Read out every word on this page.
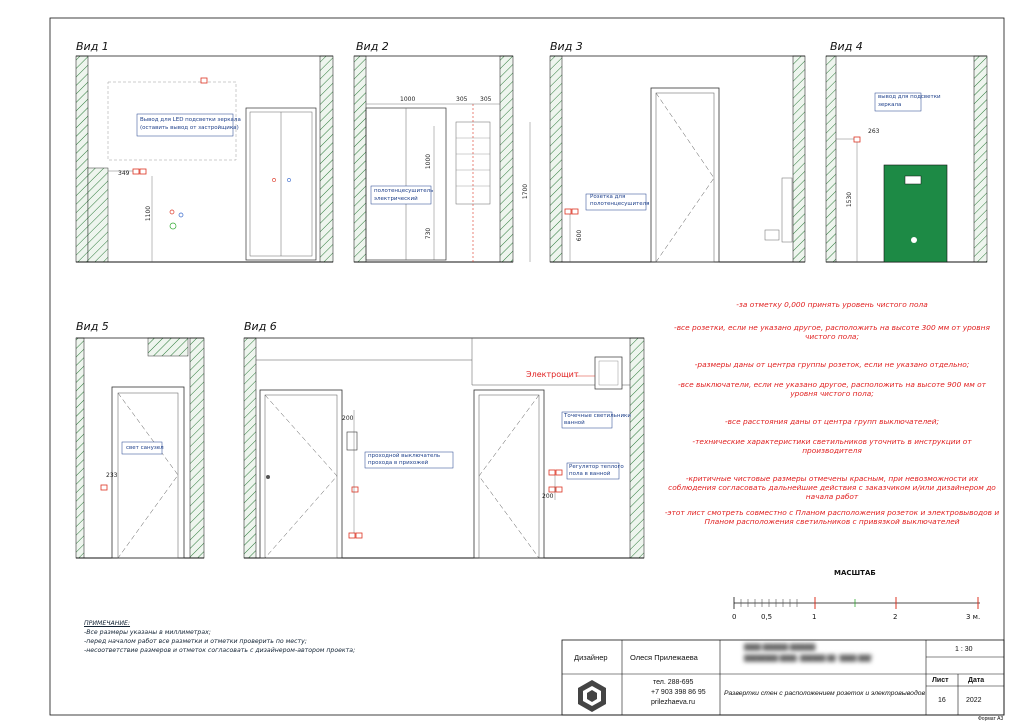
Вид 1	Вид 2	Вид 3	Вид 4
Вид 5	Вид 6
Вывод для LED подсветки зеркала
(оставить вывод от застройщика)
349
1100
1000	305 305
1000
730
1700
полотенцесушитель
электрический	Розетка для
полотенцесушителя
600
вывод для подсветки
зеркала
263
1530
свет санузел
233
Электрощит
проходной выключатель
прохода в прихожей
Точечные светильники
ванной
Регулятор теплого
пола в ванной
200
200
-за отметку 0,000 принять уровень чистого пола
-все розетки, если не указано другое, расположить на высоте 300 мм от уровня чистого пола;
-размеры даны от центра группы розеток, если не указано отдельно;
-все выключатели, если не указано другое, расположить на высоте 900 мм от уровня чистого пола;
-все расстояния даны от центра групп выключателей;
-технические характеристики светильников уточнить в инструкции от производителя
-критичные чистовые размеры отмечены красным, при невозможности их соблюдения согласовать дальнейшие действия с заказчиком и/или дизайнером до начала работ
-этот лист смотреть совместно с Планом расположения розеток и электровыводов и Планом расположения светильников с привязкой выключателей
МАСШТАБ
0	0,5	1	2	3 м.
ПРИМЕЧАНИЕ:
-Все размеры указаны в миллиметрах;
-перед началом работ все разметки и отметки проверить по месту;
-несоответствие размеров и отметок согласовать с дизайнером-автором проекта;
Дизайнер	Олеся Прилежаева
████ ██████ ██████
████████ ████, ██████ ██ "████ ███"
1 : 30
тел. 288-695
+7 903 398 86 95
prilezhaeva.ru
Развертки стен с расположением розеток и электровыводов
Лист	Дата
16	2022
Формат А3
